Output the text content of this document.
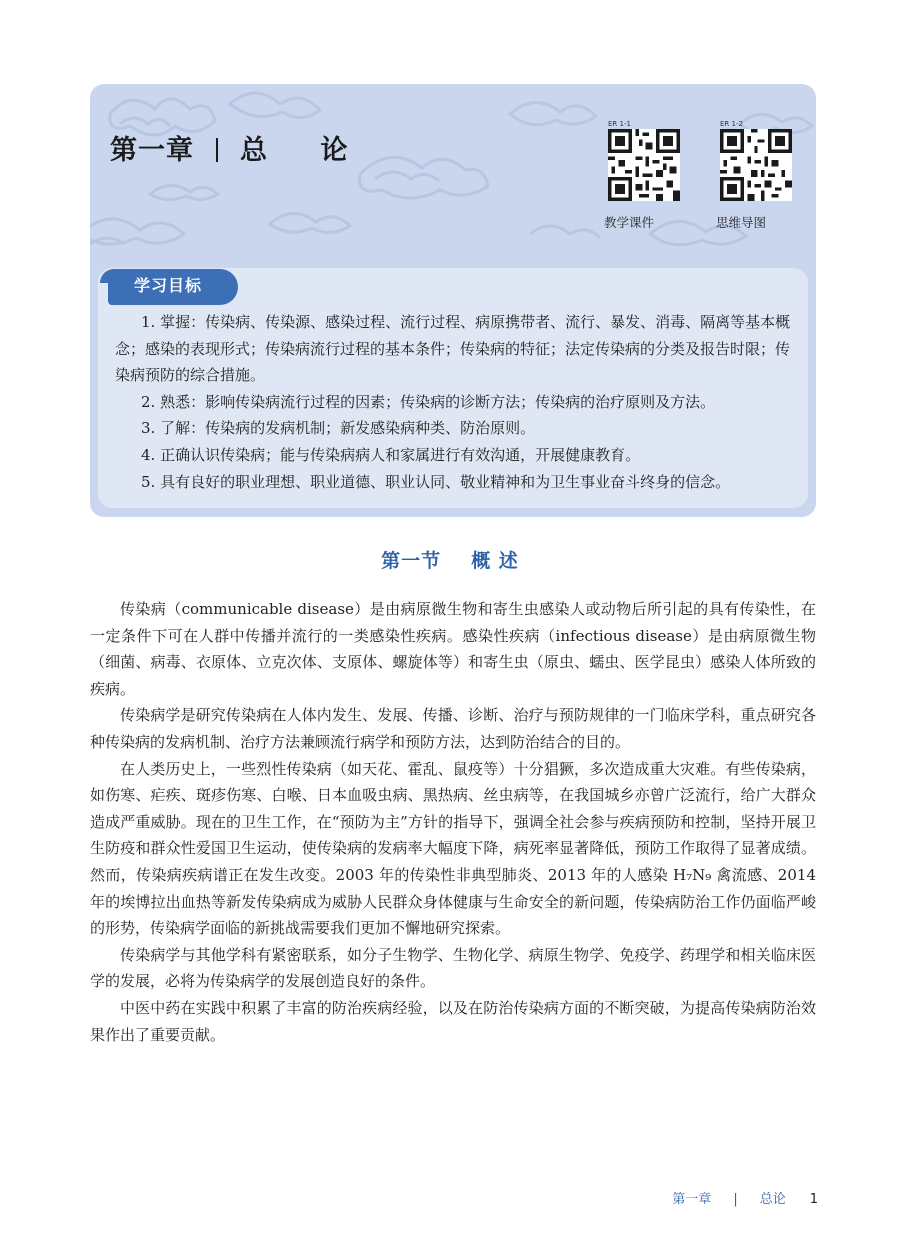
第一章 总 论
ER 1-1
教学课件
ER 1-2
思维导图
学习目标
1. 掌握：传染病、传染源、感染过程、流行过程、病原携带者、流行、暴发、消毒、隔离等基本概念；感染的表现形式；传染病流行过程的基本条件；传染病的特征；法定传染病的分类及报告时限；传染病预防的综合措施。
2. 熟悉：影响传染病流行过程的因素；传染病的诊断方法；传染病的治疗原则及方法。
3. 了解：传染病的发病机制；新发感染病种类、防治原则。
4. 正确认识传染病；能与传染病病人和家属进行有效沟通，开展健康教育。
5. 具有良好的职业理想、职业道德、职业认同、敬业精神和为卫生事业奋斗终身的信念。
第一节 概 述

传染病（communicable disease）是由病原微生物和寄生虫感染人或动物后所引起的具有传染性，在一定条件下可在人群中传播并流行的一类感染性疾病。感染性疾病（infectious disease）是由病原微生物（细菌、病毒、衣原体、立克次体、支原体、螺旋体等）和寄生虫（原虫、蠕虫、医学昆虫）感染人体所致的疾病。

传染病学是研究传染病在人体内发生、发展、传播、诊断、治疗与预防规律的一门临床学科，重点研究各种传染病的发病机制、治疗方法兼顾流行病学和预防方法，达到防治结合的目的。

在人类历史上，一些烈性传染病（如天花、霍乱、鼠疫等）十分猖獗，多次造成重大灾难。有些传染病，如伤寒、疟疾、斑疹伤寒、白喉、日本血吸虫病、黑热病、丝虫病等，在我国城乡亦曾广泛流行，给广大群众造成严重威胁。现在的卫生工作，在“预防为主”方针的指导下，强调全社会参与疾病预防和控制，坚持开展卫生防疫和群众性爱国卫生运动，使传染病的发病率大幅度下降，病死率显著降低，预防工作取得了显著成绩。然而，传染病疾病谱正在发生改变。2003 年的传染性非典型肺炎、2013 年的人感染 H₇N₉ 禽流感、2014 年的埃博拉出血热等新发传染病成为威胁人民群众身体健康与生命安全的新问题，传染病防治工作仍面临严峻的形势，传染病学面临的新挑战需要我们更加不懈地研究探索。

传染病学与其他学科有紧密联系，如分子生物学、生物化学、病原生物学、免疫学、药理学和相关临床医学的发展，必将为传染病学的发展创造良好的条件。

中医中药在实践中积累了丰富的防治疾病经验，以及在防治传染病方面的不断突破，为提高传染病防治效果作出了重要贡献。

第一章 | 总论 1
